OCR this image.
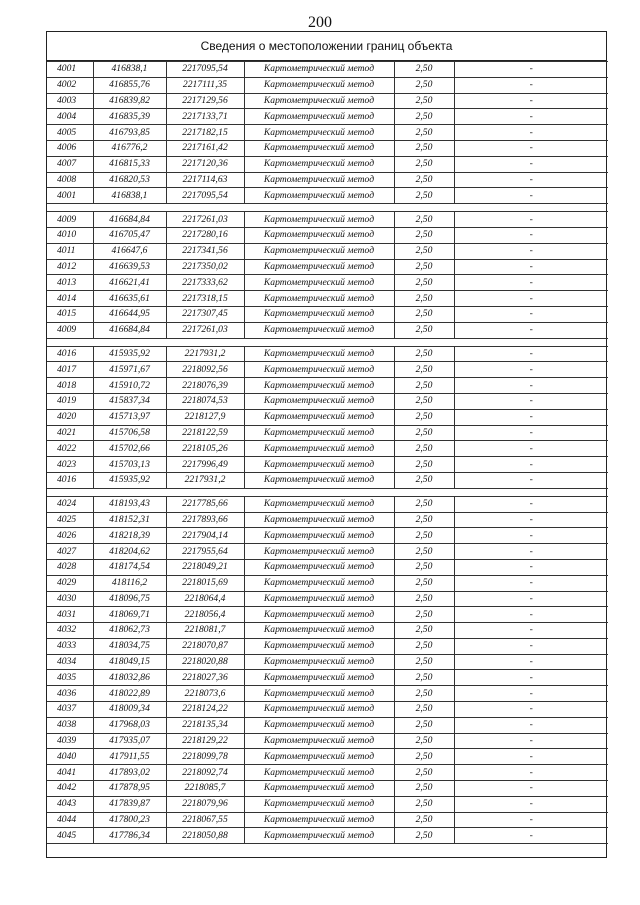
200
Сведения о местоположении границ объекта
4001	416838,1	2217095,54	Картометрический метод	2,50	-
4002	416855,76	2217111,35	Картометрический метод	2,50	-
4003	416839,82	2217129,56	Картометрический метод	2,50	-
4004	416835,39	2217133,71	Картометрический метод	2,50	-
4005	416793,85	2217182,15	Картометрический метод	2,50	-
4006	416776,2	2217161,42	Картометрический метод	2,50	-
4007	416815,33	2217120,36	Картометрический метод	2,50	-
4008	416820,53	2217114,63	Картометрический метод	2,50	-
4001	416838,1	2217095,54	Картометрический метод	2,50	-

4009	416684,84	2217261,03	Картометрический метод	2,50	-
4010	416705,47	2217280,16	Картометрический метод	2,50	-
4011	416647,6	2217341,56	Картометрический метод	2,50	-
4012	416639,53	2217350,02	Картометрический метод	2,50	-
4013	416621,41	2217333,62	Картометрический метод	2,50	-
4014	416635,61	2217318,15	Картометрический метод	2,50	-
4015	416644,95	2217307,45	Картометрический метод	2,50	-
4009	416684,84	2217261,03	Картометрический метод	2,50	-

4016	415935,92	2217931,2	Картометрический метод	2,50	-
4017	415971,67	2218092,56	Картометрический метод	2,50	-
4018	415910,72	2218076,39	Картометрический метод	2,50	-
4019	415837,34	2218074,53	Картометрический метод	2,50	-
4020	415713,97	2218127,9	Картометрический метод	2,50	-
4021	415706,58	2218122,59	Картометрический метод	2,50	-
4022	415702,66	2218105,26	Картометрический метод	2,50	-
4023	415703,13	2217996,49	Картометрический метод	2,50	-
4016	415935,92	2217931,2	Картометрический метод	2,50	-

4024	418193,43	2217785,66	Картометрический метод	2,50	-
4025	418152,31	2217893,66	Картометрический метод	2,50	-
4026	418218,39	2217904,14	Картометрический метод	2,50	-
4027	418204,62	2217955,64	Картометрический метод	2,50	-
4028	418174,54	2218049,21	Картометрический метод	2,50	-
4029	418116,2	2218015,69	Картометрический метод	2,50	-
4030	418096,75	2218064,4	Картометрический метод	2,50	-
4031	418069,71	2218056,4	Картометрический метод	2,50	-
4032	418062,73	2218081,7	Картометрический метод	2,50	-
4033	418034,75	2218070,87	Картометрический метод	2,50	-
4034	418049,15	2218020,88	Картометрический метод	2,50	-
4035	418032,86	2218027,36	Картометрический метод	2,50	-
4036	418022,89	2218073,6	Картометрический метод	2,50	-
4037	418009,34	2218124,22	Картометрический метод	2,50	-
4038	417968,03	2218135,34	Картометрический метод	2,50	-
4039	417935,07	2218129,22	Картометрический метод	2,50	-
4040	417911,55	2218099,78	Картометрический метод	2,50	-
4041	417893,02	2218092,74	Картометрический метод	2,50	-
4042	417878,95	2218085,7	Картометрический метод	2,50	-
4043	417839,87	2218079,96	Картометрический метод	2,50	-
4044	417800,23	2218067,55	Картометрический метод	2,50	-
4045	417786,34	2218050,88	Картометрический метод	2,50	-
